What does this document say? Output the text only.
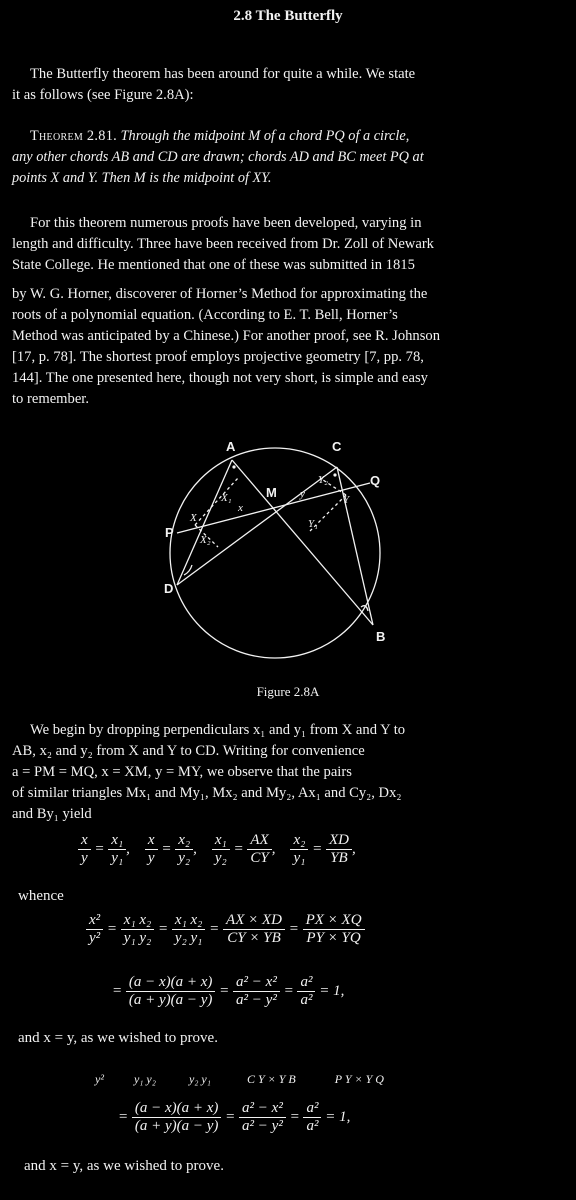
2.8 The Butterfly
The Butterfly theorem has been around for quite a while. We state
it as follows (see Figure 2.8A):
Theorem 2.81. Through the midpoint M of a chord PQ of a circle,
any other chords AB and CD are drawn; chords AD and BC meet PQ at
points X and Y. Then M is the midpoint of XY.
For this theorem numerous proofs have been developed, varying in
length and difficulty. Three have been received from Dr. Zoll of Newark
State College. He mentioned that one of these was submitted in 1815
by W. G. Horner, discoverer of Horner’s Method for approximating the
roots of a polynomial equation. (According to E. T. Bell, Horner’s
Method was anticipated by a Chinese.) For another proof, see R. Johnson
[17, p. 78]. The shortest proof employs projective geometry [7, pp. 78,
144]. The one presented here, though not very short, is simple and easy
to remember.
A	C
Q
P
D
B
M
X
Y
x
y
X₁
X₂
Y₁
Y₂
Figure 2.8A
We begin by dropping perpendiculars x₁ and y₁ from X and Y to
AB, x₂ and y₂ from X and Y to CD. Writing for convenience
a = PM = MQ, x = XM, y = MY, we observe that the pairs
of similar triangles Mx₁ and My₁, Mx₂ and My₂, Ax₁ and Cy₂, Dx₂
and By₁ yield
$\frac{x}{y} = \frac{\text{x₁}}{\text{y₁}}$ , $\frac{x}{y} = \frac{\text{x₂}}{\text{y₂}}$ , $\frac{\text{x₁}}{\text{y₂}} = \frac{AX}{CY}$ , $\frac{\text{x₂}}{\text{y₁}} = \frac{XD}{YB}$ ,
whence
$\frac{\text{x²}}{\text{y²}} = \frac{\text{x₁ x₂}}{\text{y₁ y₂}} = \frac{\text{x₁ x₂}}{\text{y₂ y₁}} = \frac{AX \times XD}{CY \times YB} = \frac{PX \times XQ}{PY \times YQ}$
= $\frac{(a - x)(a + x)}{(a + y)(a - y)} = \frac{\text{a² − x²}}{\text{a² − y²}} = \frac{\text{a²}}{\text{a²}} = 1$,
and x = y, as we wished to prove.
y²	y₁ y₂	y₂ y₁	C Y × Y B	P Y × Y Q
= $\frac{(a - x)(a + x)}{(a + y)(a - y)} = \frac{\text{a² − x²}}{\text{a² − y²}} = \frac{\text{a²}}{\text{a²}} = 1$,
and x = y, as we wished to prove.
